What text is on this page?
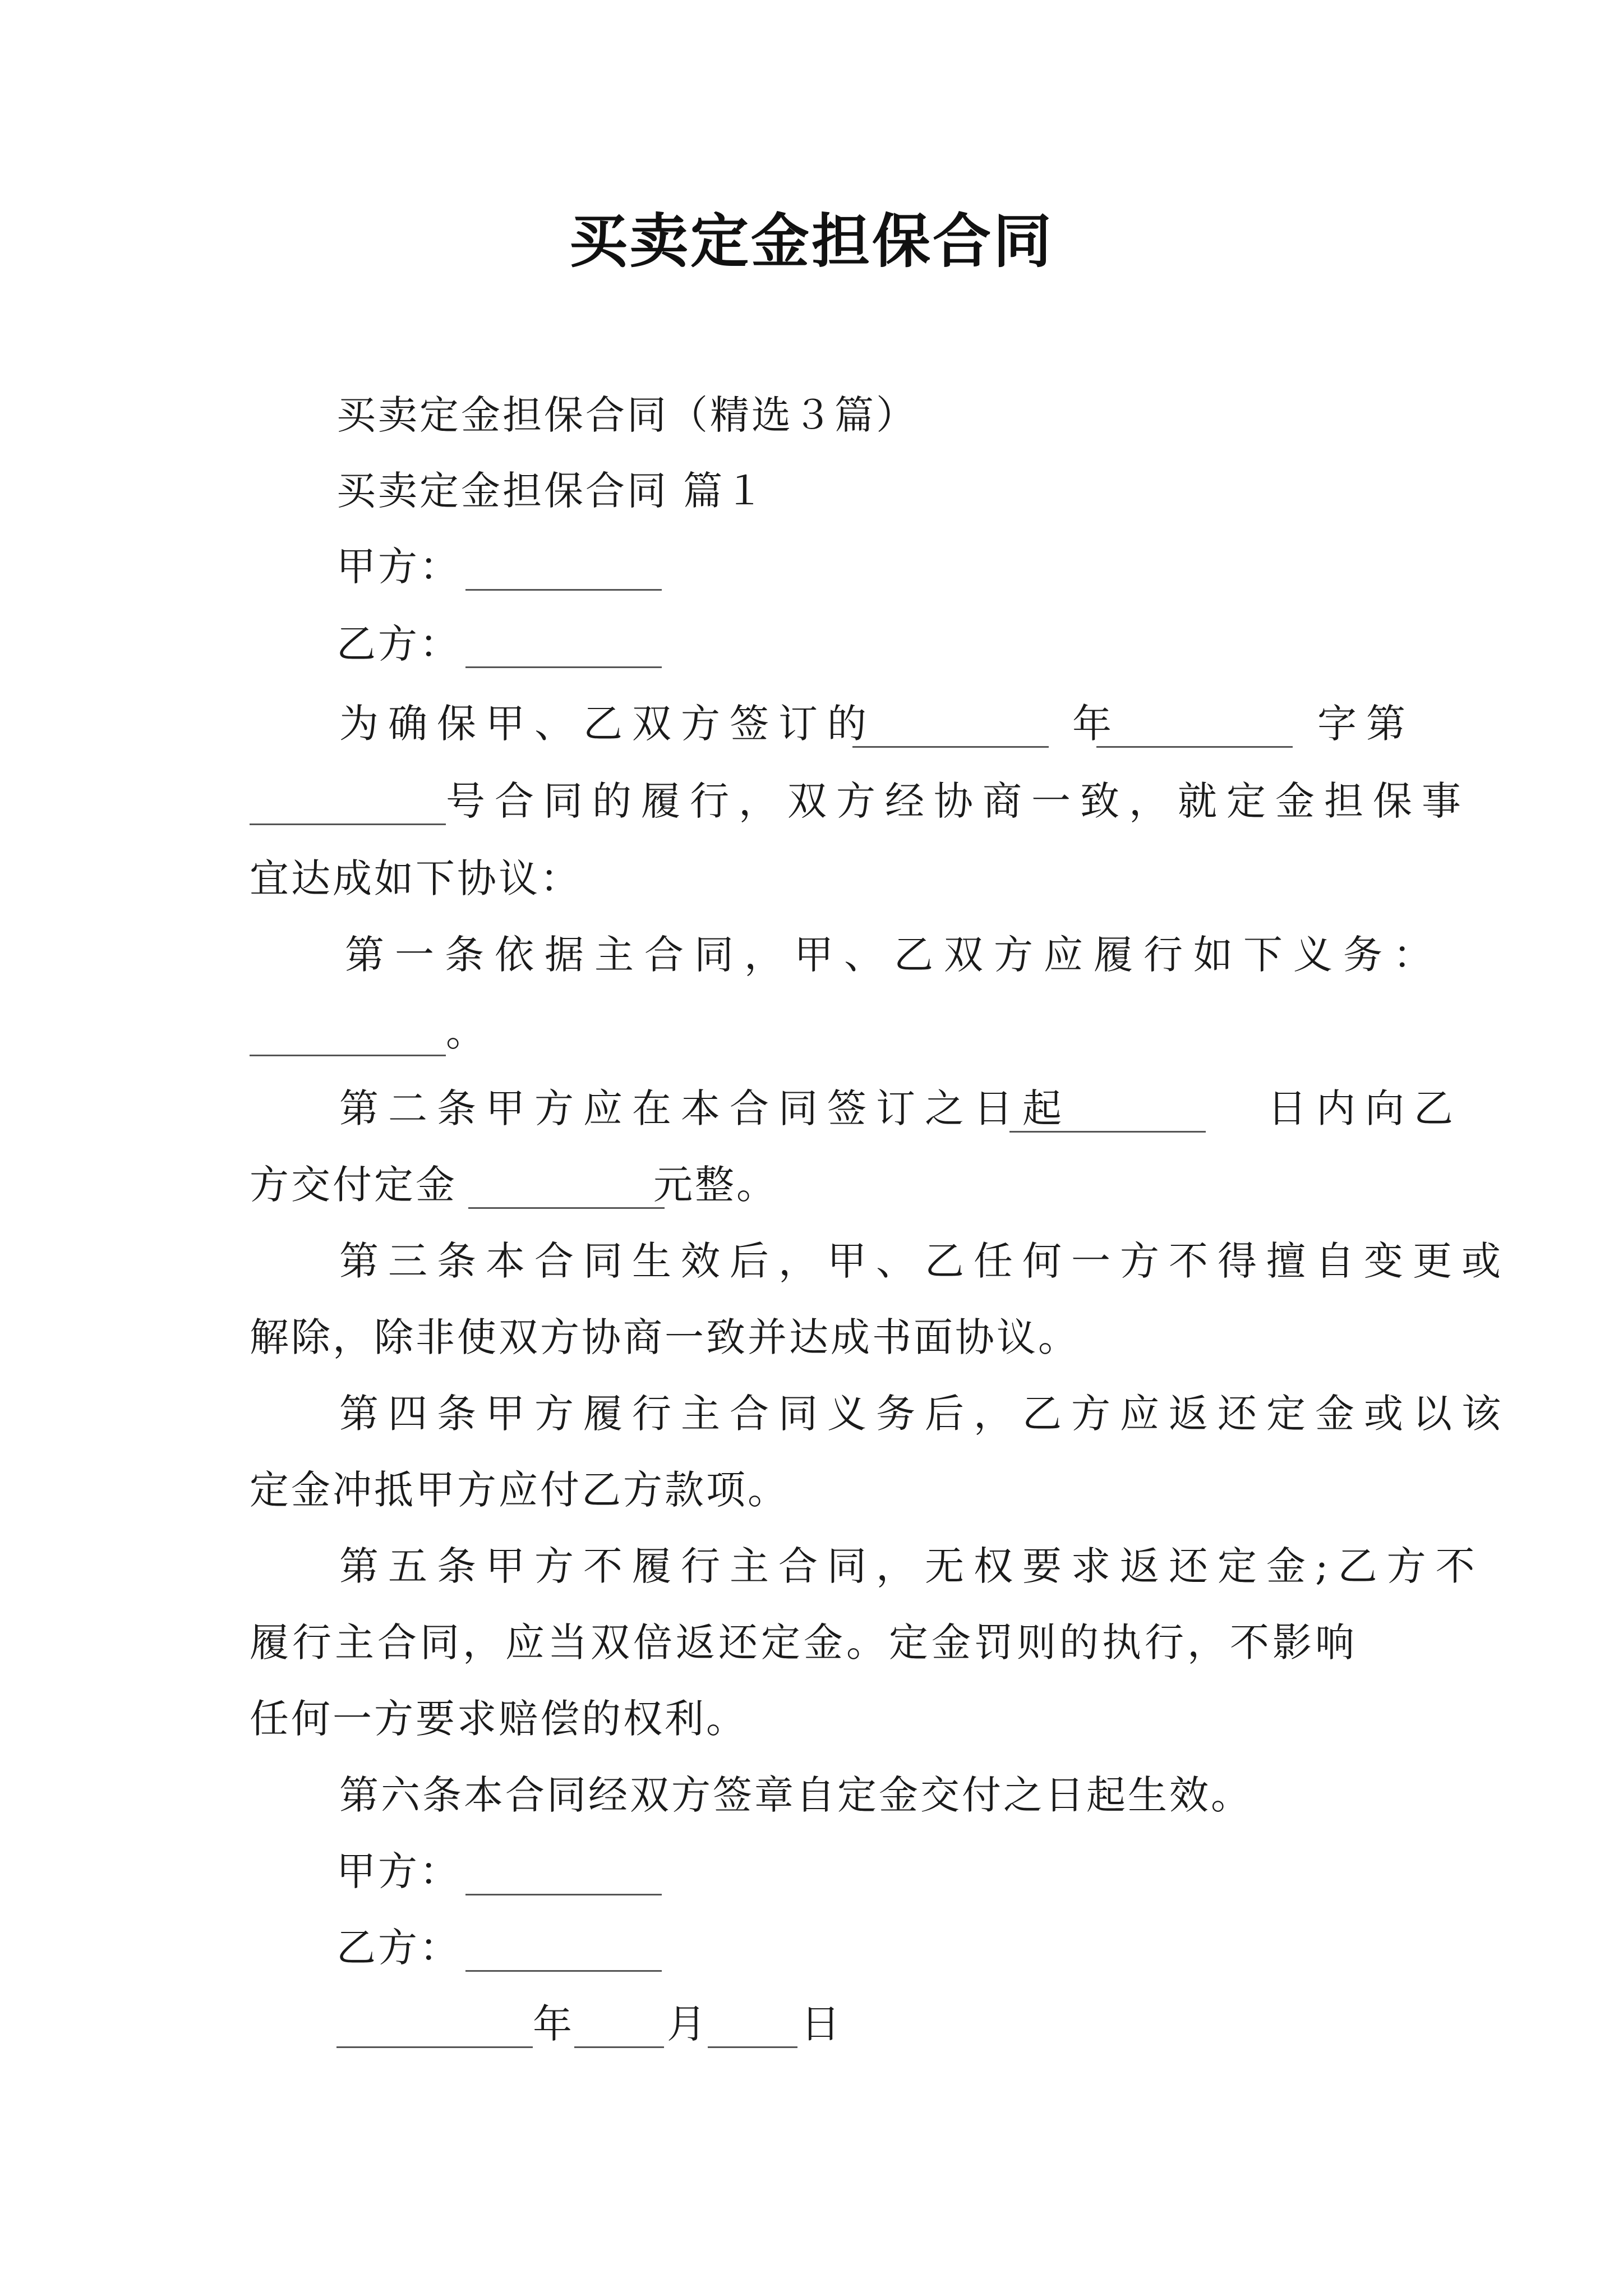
买卖定金担保合同
买卖定金担保合同（精选３篇）
买卖定金担保合同 篇１
甲方：
乙方：
为确保甲、乙双方签订的	年	字第
号合同的履行，双方经协商一致，就定金担保事
宜达成如下协议：
第一条依据主合同，甲、乙双方应履行如下义务：
。
第二条甲方应在本合同签订之日起	日内向乙
方交付定金	元整。
第三条本合同生效后，甲、乙任何一方不得擅自变更或
解除，除非使双方协商一致并达成书面协议。
第四条甲方履行主合同义务后，乙方应返还定金或以该
定金冲抵甲方应付乙方款项。
第五条甲方不履行主合同，无权要求返还定金;乙方不
履行主合同，应当双倍返还定金。定金罚则的执行，不影响
任何一方要求赔偿的权利。
第六条本合同经双方签章自定金交付之日起生效。
甲方：
乙方：
年 月 日
